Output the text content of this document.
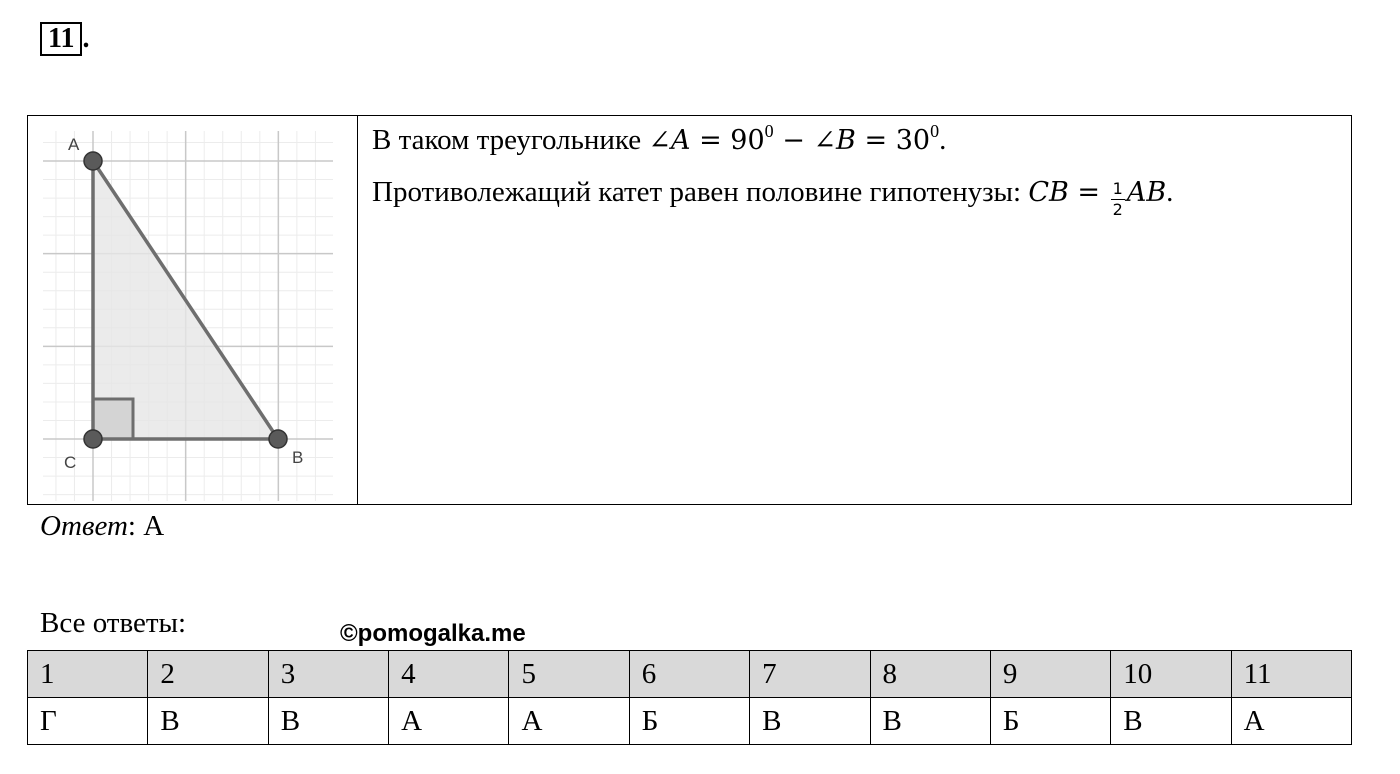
11 .
A
C	B

В таком треугольнике ∠A = $90^0$ − ∠B = $30^0$.

Противолежащий катет равен половине гипотенузы: CB = $\frac{1}{2}$ AB.

Ответ: А
Все ответы:	©pomogalka.me
1	2	3	4	5	6	7	8	9	10	11
Г	В	В	А	А	Б	В	В	Б	В	А
